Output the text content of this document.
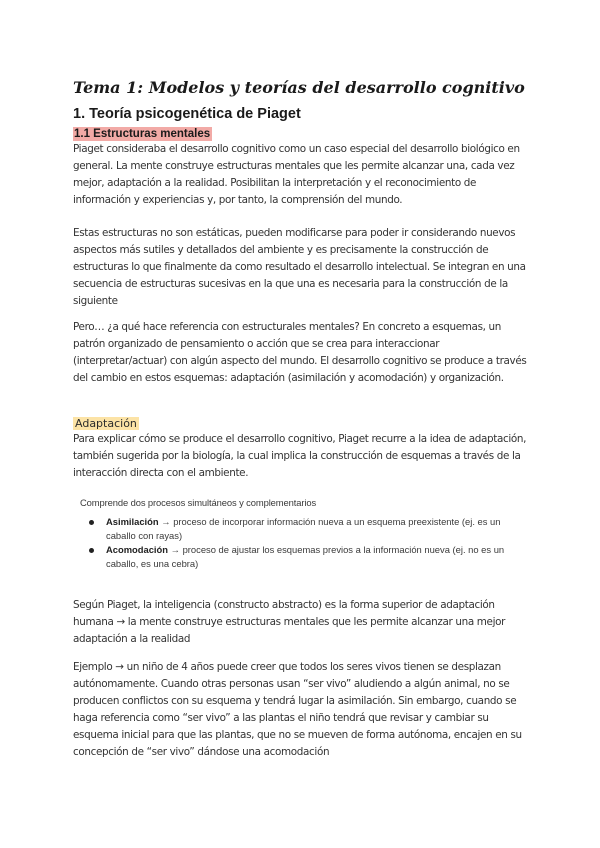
Tema 1: Modelos y teorías del desarrollo cognitivo
1. Teoría psicogenética de Piaget
1.1 Estructuras mentales
Piaget consideraba el desarrollo cognitivo como un caso especial del desarrollo biológico en general. La mente construye estructuras mentales que les permite alcanzar una, cada vez mejor, adaptación a la realidad. Posibilitan la interpretación y el reconocimiento de información y experiencias y, por tanto, la comprensión del mundo.
Estas estructuras no son estáticas, pueden modificarse para poder ir considerando nuevos aspectos más sutiles y detallados del ambiente y es precisamente la construcción de estructuras lo que finalmente da como resultado el desarrollo intelectual. Se integran en una secuencia de estructuras sucesivas en la que una es necesaria para la construcción de la siguiente
Pero… ¿a qué hace referencia con estructurales mentales? En concreto a esquemas, un patrón organizado de pensamiento o acción que se crea para interaccionar (interpretar/actuar) con algún aspecto del mundo. El desarrollo cognitivo se produce a través del cambio en estos esquemas: adaptación (asimilación y acomodación) y organización.
Adaptación
Para explicar cómo se produce el desarrollo cognitivo, Piaget recurre a la idea de adaptación, también sugerida por la biología, la cual implica la construcción de esquemas a través de la interacción directa con el ambiente.
Comprende dos procesos simultáneos y complementarios
Asimilación → proceso de incorporar información nueva a un esquema preexistente (ej. es un caballo con rayas)
Acomodación → proceso de ajustar los esquemas previos a la información nueva (ej. no es un caballo, es una cebra)
Según Piaget, la inteligencia (constructo abstracto) es la forma superior de adaptación humana → la mente construye estructuras mentales que les permite alcanzar una mejor adaptación a la realidad
Ejemplo → un niño de 4 años puede creer que todos los seres vivos tienen se desplazan autónomamente. Cuando otras personas usan “ser vivo” aludiendo a algún animal, no se producen conflictos con su esquema y tendrá lugar la asimilación. Sin embargo, cuando se haga referencia como “ser vivo” a las plantas el niño tendrá que revisar y cambiar su esquema inicial para que las plantas, que no se mueven de forma autónoma, encajen en su concepción de “ser vivo” dándose una acomodación
